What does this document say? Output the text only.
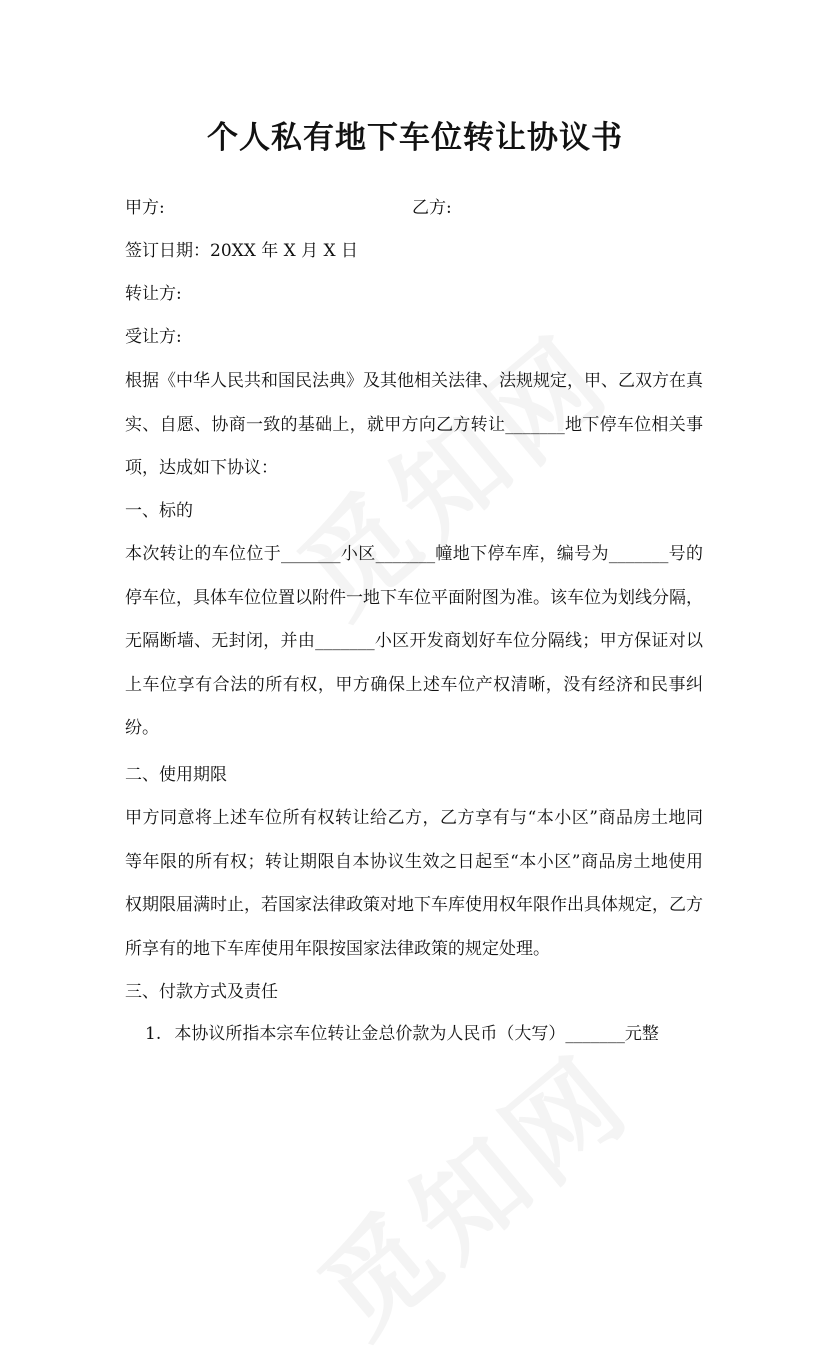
个人私有地下车位转让协议书
甲方:	乙方:
签订日期：20XX 年 X 月 X 日
转让方:
受让方:
根据《中华人民共和国民法典》及其他相关法律、法规规定，甲、乙双方在真实、自愿、协商一致的基础上，就甲方向乙方转让_______地下停车位相关事项，达成如下协议：
一、标的
本次转让的车位位于_______小区_______幢地下停车库，编号为_______号的停车位，具体车位位置以附件一地下车位平面附图为准。该车位为划线分隔，无隔断墙、无封闭，并由_______小区开发商划好车位分隔线；甲方保证对以上车位享有合法的所有权，甲方确保上述车位产权清晰，没有经济和民事纠纷。
二、使用期限
甲方同意将上述车位所有权转让给乙方，乙方享有与“本小区”商品房土地同等年限的所有权；转让期限自本协议生效之日起至“本小区”商品房土地使用权期限届满时止，若国家法律政策对地下车库使用权年限作出具体规定，乙方所享有的地下车库使用年限按国家法律政策的规定处理。
三、付款方式及责任
1. 本协议所指本宗车位转让金总价款为人民币（大写）_______元整
